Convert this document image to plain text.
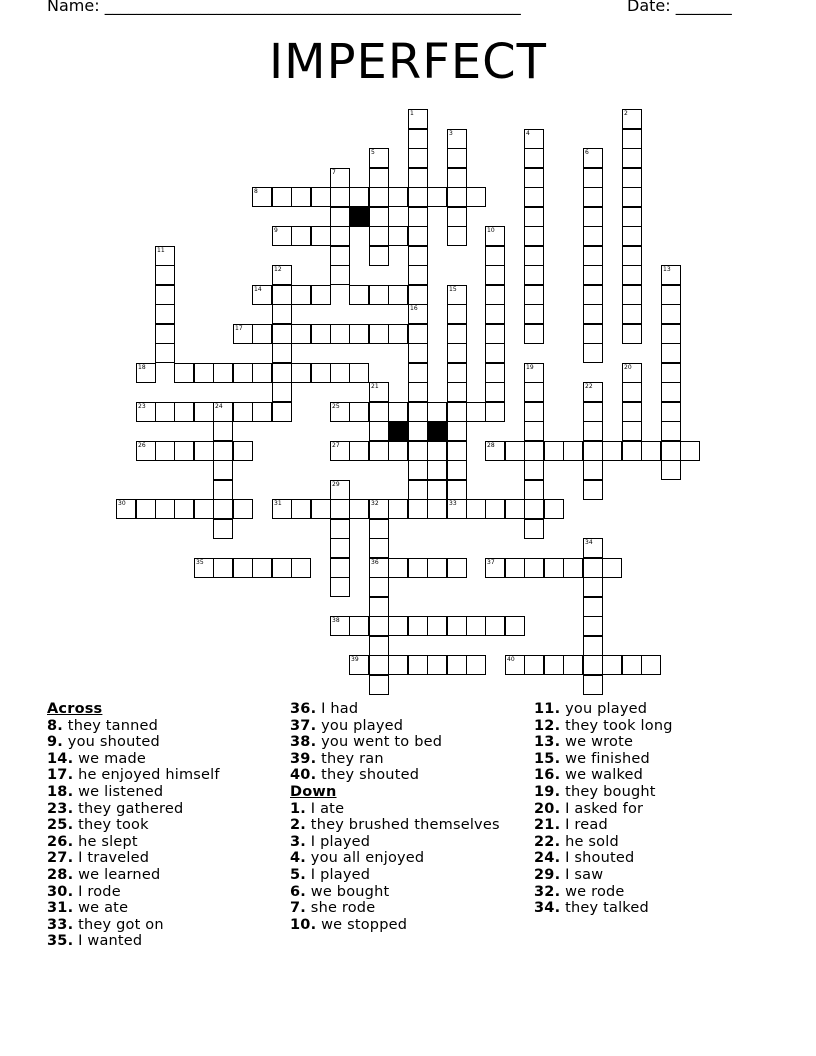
Name: ____________________________________________________	Date: _______
IMPERFECT
1
16
2
3	4
5	6
7
8
9	10
11
12	13
14	15
17
18	19	20
21	22
23	24	25
26	27	28
29
30	31	32	33
36
34
35	37
38
39	40
Across
8. they tanned
9. you shouted
14. we made
17. he enjoyed himself
18. we listened
23. they gathered
25. they took
26. he slept
27. I traveled
28. we learned
30. I rode
31. we ate
33. they got on
35. I wanted
36. I had
37. you played
38. you went to bed
39. they ran
40. they shouted
Down
1. I ate
2. they brushed themselves
3. I played
4. you all enjoyed
5. I played
6. we bought
7. she rode
10. we stopped
11. you played
12. they took long
13. we wrote
15. we finished
16. we walked
19. they bought
20. I asked for
21. I read
22. he sold
24. I shouted
29. I saw
32. we rode
34. they talked
